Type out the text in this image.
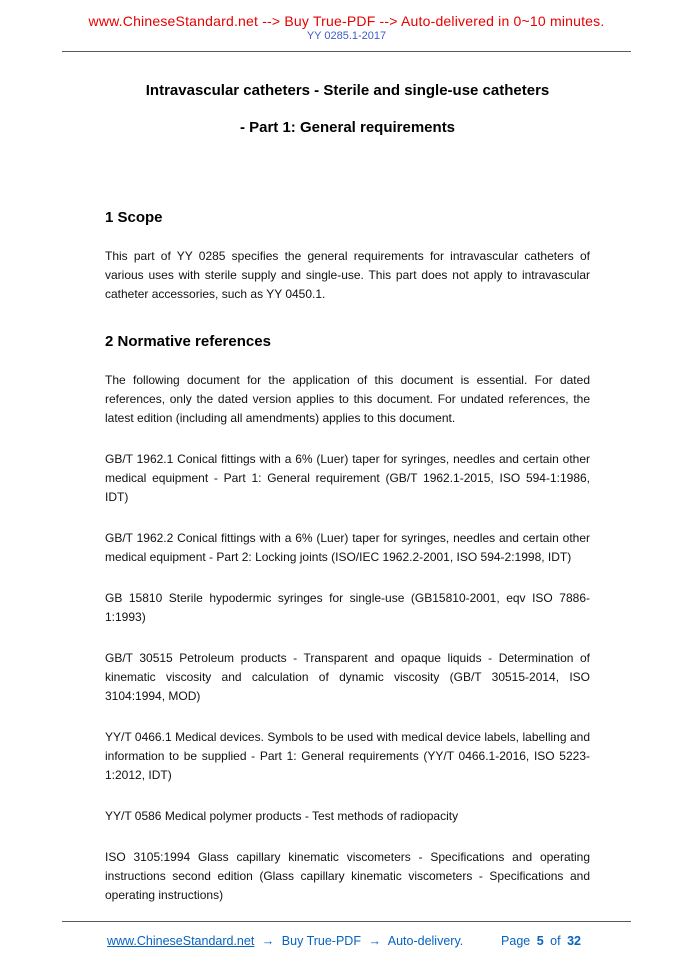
www.ChineseStandard.net --> Buy True-PDF --> Auto-delivered in 0~10 minutes.
YY 0285.1-2017
Intravascular catheters - Sterile and single-use catheters
- Part 1: General requirements
1 Scope

This part of YY 0285 specifies the general requirements for intravascular catheters of various uses with sterile supply and single-use. This part does not apply to intravascular catheter accessories, such as YY 0450.1.

2 Normative references

The following document for the application of this document is essential. For dated references, only the dated version applies to this document. For undated references, the latest edition (including all amendments) applies to this document.

GB/T 1962.1 Conical fittings with a 6% (Luer) taper for syringes, needles and certain other medical equipment - Part 1: General requirement (GB/T 1962.1-2015, ISO 594-1:1986, IDT)

GB/T 1962.2 Conical fittings with a 6% (Luer) taper for syringes, needles and certain other medical equipment - Part 2: Locking joints (ISO/IEC 1962.2-2001, ISO 594-2:1998, IDT)

GB 15810 Sterile hypodermic syringes for single-use (GB15810-2001, eqv ISO 7886-1:1993)

GB/T 30515 Petroleum products - Transparent and opaque liquids - Determination of kinematic viscosity and calculation of dynamic viscosity (GB/T 30515-2014, ISO 3104:1994, MOD)

YY/T 0466.1 Medical devices. Symbols to be used with medical device labels, labelling and information to be supplied - Part 1: General requirements (YY/T 0466.1-2016, ISO 5223-1:2012, IDT)

YY/T 0586 Medical polymer products - Test methods of radiopacity

ISO 3105:1994 Glass capillary kinematic viscometers - Specifications and operating instructions second edition (Glass capillary kinematic viscometers - Specifications and operating instructions)

www.ChineseStandard.net → Buy True-PDF → Auto-delivery.	Page 5 of 32
